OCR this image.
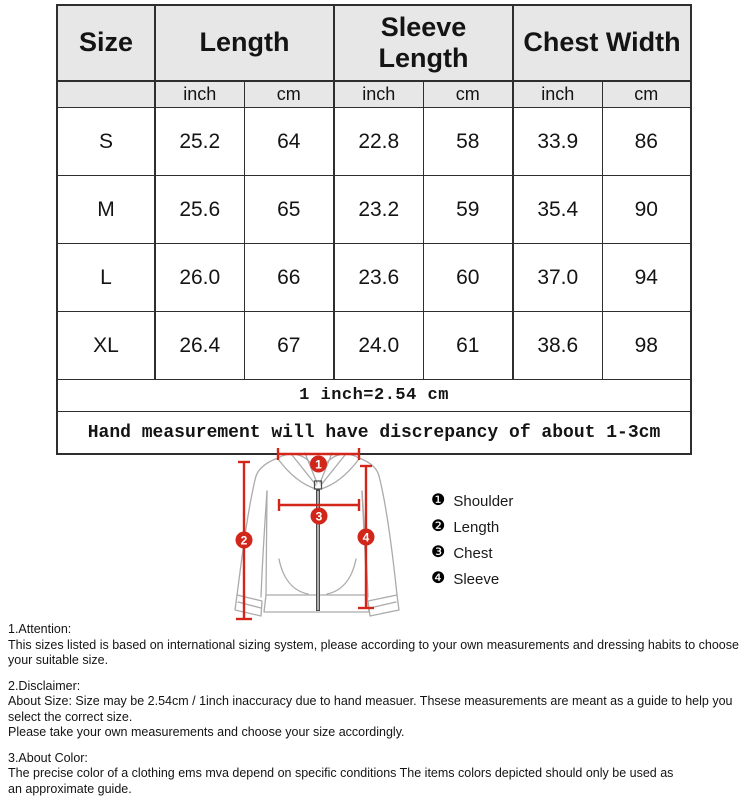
Size	Length		Sleeve Length		Chest Width	
	inch	cm	inch	cm	inch	cm
S	25.2	64	22.8	58	33.9	86
M	25.6	65	23.2	59	35.4	90
L	26.0	66	23.6	60	37.0	94
XL	26.4	67	24.0	61	38.6	98
1 inch=2.54 cm						
Hand measurement will have discrepancy of about 1-3cm						
1
2
3
4
❶ Shoulder
❷ Length
❸ Chest
❹ Sleeve
1.Attention:
This sizes listed is based on international sizing system, please according to your own measurements and dressing habits to choose your suitable size.
2.Disclaimer:
About Size: Size may be 2.54cm / 1inch inaccuracy due to hand measuer. Thsese measurements are meant as a guide to help you select the correct size.
Please take your own measurements and choose your size accordingly.
3.About Color:
The precise color of a clothing ems mva depend on specific conditions The items colors depicted should only be used as
an approximate guide.
